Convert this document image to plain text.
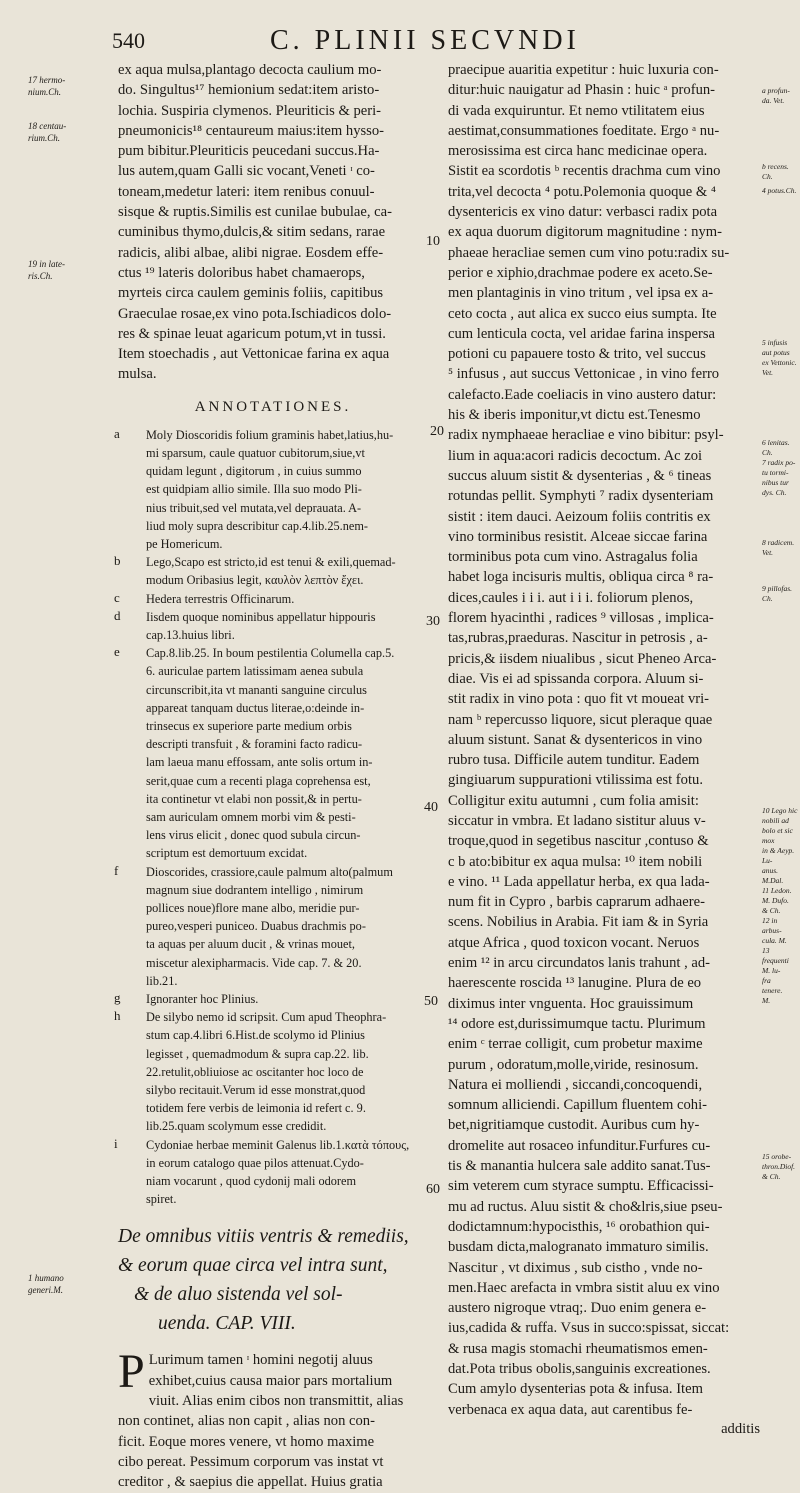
540	C. PLINII SECVNDI
17 hermo-
nium.Ch.
18 centau-
rium.Ch.
19 in late-
ris.Ch.
1 humano
generi.M.
a profun-
da. Vet.
b recens.
Ch.
4 potus.Ch.
5 infusis
aut potus
ex Vettonic.
Vet.
6 lenitas.
Ch.
7 radix po-
tu tormi-
nibus tur
dys. Ch.
8 radicem.
Vet.
9 pillofas.
Ch.
10 Lego hic
nobili ad
bolo et sic mox
in & Aeyp. Lu-
anus. M.Dal.
11 Ledon.
M. Dufo.
& Ch.
12 in arbus-
cula. M.
13 frequenti
M. lu-
fra
tenere.
M.
15 orobe-
thron.Diof.
& Ch.
10
20
30
40
50
60
ex aqua mulsa,plantago decocta caulium mo-
do. Singultus¹⁷ hemionium sedat:item aristo-
lochia. Suspiria clymenos. Pleuriticis & peri-
pneumonicis¹⁸ centaureum maius:item hysso-
pum bibitur.Pleuriticis peucedani succus.Ha-
lus autem,quam Galli sic vocant,Veneti ᶦ co-
toneam,medetur lateri: item renibus conuul-
sisque & ruptis.Similis est cunilae bubulae, ca-
cuminibus thymo,dulcis,& sitim sedans, rarae
radicis, alibi albae, alibi nigrae. Eosdem effe-
ctus ¹⁹ lateris doloribus habet chamaerops,
myrteis circa caulem geminis foliis, capitibus
Graeculae rosae,ex vino pota.Ischiadicos dolo-
res & spinae leuat agaricum potum,vt in tussi.
Item stoechadis , aut Vettonicae farina ex aqua
mulsa.
ANNOTATIONES.
a Moly Dioscoridis folium graminis habet,latius,hu-
mi sparsum, caule quatuor cubitorum,siue,vt
quidam legunt , digitorum , in cuius summo
est quidpiam allio simile. Illa suo modo Pli-
nius tribuit,sed vel mutata,vel deprauata. A-
liud moly supra describitur cap.4.lib.25.nem-
pe Homericum.
b Lego,Scapo est stricto,id est tenui & exili,quemad-
modum Oribasius legit, καυλὸν λεπτὸν ἔχει.
c Hedera terrestris Officinarum.
d Iisdem quoque nominibus appellatur hippouris
cap.13.huius libri.
e Cap.8.lib.25. In boum pestilentia Columella cap.5.
6. auriculae partem latissimam aenea subula
circunscribit,ita vt mananti sanguine circulus
appareat tanquam ductus literae,o:deinde in-
trinsecus ex superiore parte medium orbis
descripti transfuit , & foramini facto radicu-
lam laeua manu effossam, ante solis ortum in-
serit,quae cum a recenti plaga coprehensa est,
ita continetur vt elabi non possit,& in pertu-
sam auriculam omnem morbi vim & pesti-
lens virus elicit , donec quod subula circun-
scriptum est demortuum excidat.
f Dioscorides, crassiore,caule palmum alto(palmum
magnum siue dodrantem intelligo , nimirum
pollices noue)flore mane albo, meridie pur-
pureo,vesperi puniceo. Duabus drachmis po-
ta aquas per aluum ducit , & vrinas mouet,
miscetur alexipharmacis. Vide cap. 7. & 20.
lib.21.
g Ignoranter hoc Plinius.
h De silybo nemo id scripsit. Cum apud Theophra-
stum cap.4.libri 6.Hist.de scolymo id Plinius
legisset , quemadmodum & supra cap.22. lib.
22.retulit,obliuiose ac oscitanter hoc loco de
silybo recitauit.Verum id esse monstrat,quod
totidem fere verbis de leimonia id refert c. 9.
lib.25.quam scolymum esse credidit.
i Cydoniae herbae meminit Galenus lib.1.κατὰ τόπους,
in eorum catalogo quae pilos attenuat.Cydo-
niam vocarunt , quod cydonij mali odorem
spiret.
De omnibus vitiis ventris & remediis,
& eorum quae circa vel intra sunt,
& de aluo sistenda vel sol-
uenda. CAP. VIII.
P Lurimum tamen ᶦ homini negotij aluus
exhibet,cuius causa maior pars mortalium
viuit. Alias enim cibos non transmittit, alias
non continet, alias non capit , alias non con-
ficit. Eoque mores venere, vt homo maxime
cibo pereat. Pessimum corporum vas instat vt
creditor , & saepius die appellat. Huius gratia
praecipue auaritia expetitur : huic luxuria con-
ditur:huic nauigatur ad Phasin : huic ᵃ profun-
di vada exquiruntur. Et nemo vtilitatem eius
aestimat,consummationes foeditate. Ergo ᵃ nu-
merosissima est circa hanc medicinae opera.
Sistit ea scordotis ᵇ recentis drachma cum vino
trita,vel decocta ⁴ potu.Polemonia quoque & ⁴
dysentericis ex vino datur: verbasci radix pota
ex aqua duorum digitorum magnitudine : nym-
phaeae heracliae semen cum vino potu:radix su-
perior e xiphio,drachmae podere ex aceto.Se-
men plantaginis in vino tritum , vel ipsa ex a-
ceto cocta , aut alica ex succo eius sumpta. Ite
cum lenticula cocta, vel aridae farina inspersa
potioni cu papauere tosto & trito, vel succus
⁵ infusus , aut succus Vettonicae , in vino ferro
calefacto.Eade coeliacis in vino austero datur:
his & iberis imponitur,vt dictu est.Tenesmo
radix nymphaeae heracliae e vino bibitur: psyl-
lium in aqua:acori radicis decoctum. Ac zoi
succus aluum sistit & dysenterias , & ⁶ tineas
rotundas pellit. Symphyti ⁷ radix dysenteriam
sistit : item dauci. Aeizoum foliis contritis ex
vino torminibus resistit. Alceae siccae farina
torminibus pota cum vino. Astragalus folia
habet loga incisuris multis, obliqua circa ⁸ ra-
dices,caules i i i. aut i i i. foliorum plenos,
florem hyacinthi , radices ⁹ villosas , implica-
tas,rubras,praeduras. Nascitur in petrosis , a-
pricis,& iisdem niualibus , sicut Pheneo Arca-
diae. Vis ei ad spissanda corpora. Aluum si-
stit radix in vino pota : quo fit vt moueat vri-
nam ᵇ repercusso liquore, sicut pleraque quae
aluum sistunt. Sanat & dysentericos in vino
rubro tusa. Difficile autem tunditur. Eadem
gingiuarum suppurationi vtilissima est fotu.
Colligitur exitu autumni , cum folia amisit:
siccatur in vmbra. Et ladano sistitur aluus v-
troque,quod in segetibus nascitur ,contuso &
c b ato:bibitur ex aqua mulsa: ¹⁰ item nobili
e vino. ¹¹ Lada appellatur herba, ex qua lada-
num fit in Cypro , barbis caprarum adhaere-
scens. Nobilius in Arabia. Fit iam & in Syria
atque Africa , quod toxicon vocant. Neruos
enim ¹² in arcu circundatos lanis trahunt , ad-
haerescente roscida ¹³ lanugine. Plura de eo
diximus inter vnguenta. Hoc grauissimum
¹⁴ odore est,durissimumque tactu. Plurimum
enim ᶜ terrae colligit, cum probetur maxime
purum , odoratum,molle,viride, resinosum.
Natura ei molliendi , siccandi,concoquendi,
somnum alliciendi. Capillum fluentem cohi-
bet,nigritiamque custodit. Auribus cum hy-
dromelite aut rosaceo infunditur.Furfures cu-
tis & manantia hulcera sale addito sanat.Tus-
sim veterem cum styrace sumptu. Efficacissi-
mu ad ructus. Aluu sistit & cho&lris,siue pseu-
dodictamnum:hypocisthis, ¹⁶ orobathion qui-
busdam dicta,malogranato immaturo similis.
Nascitur , vt diximus , sub cistho , vnde no-
men.Haec arefacta in vmbra sistit aluu ex vino
austero nigroque vtraq;. Duo enim genera e-
ius,cadida & ruffa. Vsus in succo:spissat, siccat:
& rusa magis stomachi rheumatismos emen-
dat.Pota tribus obolis,sanguinis excreationes.
Cum amylo dysenterias pota & infusa. Item
verbenaca ex aqua data, aut carentibus fe-
additis
